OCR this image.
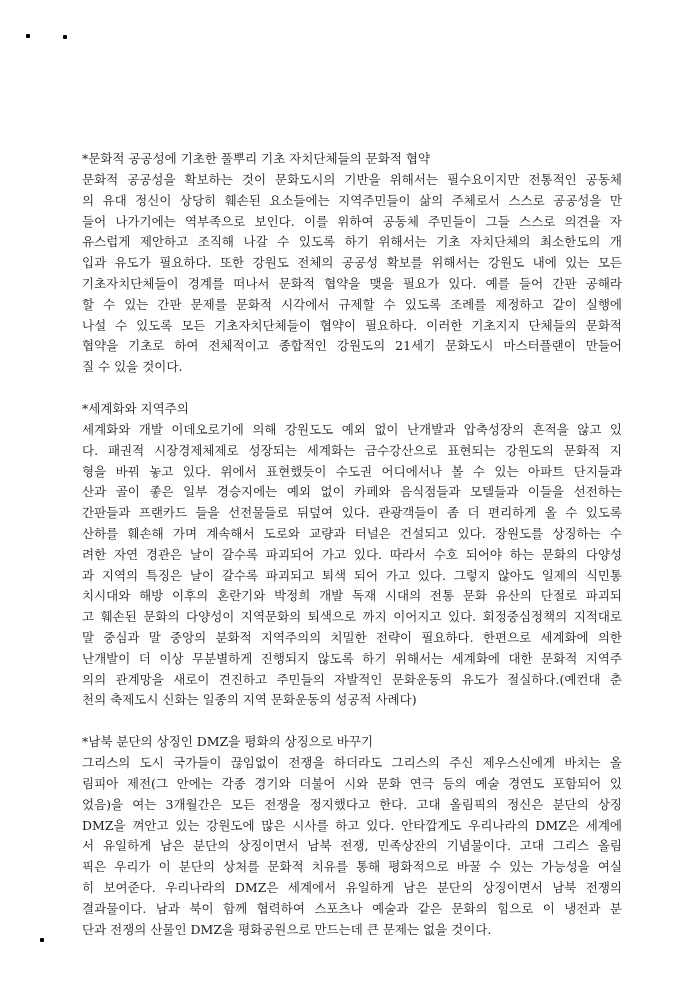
*문화적 공공성에 기초한 풀뿌리 기초 자치단체들의 문화적 협약
문화적 공공성을 확보하는 것이 문화도시의 기반을 위해서는 필수요이지만 전통적인 공동체
의 유대 정신이 상당히 훼손된 요소들에는 지역주민들이 삶의 주체로서 스스로 공공성을 만
들어 나가기에는 역부족으로 보인다. 이를 위하여 공동체 주민들이 그들 스스로 의견을 자
유스럽게 제안하고 조직해 나갈 수 있도록 하기 위해서는 기초 자치단체의 최소한도의 개
입과 유도가 필요하다. 또한 강원도 전체의 공공성 확보를 위해서는 강원도 내에 있는 모든
기초자치단체들이 경계를 떠나서 문화적 협약을 맺을 필요가 있다. 예를 들어 간판 공해라
할 수 있는 간판 문제를 문화적 시각에서 규제할 수 있도록 조례를 제정하고 같이 실행에
나설 수 있도록 모든 기초자치단체들이 협약이 필요하다. 이러한 기초지지 단체들의 문화적
협약을 기초로 하여 전체적이고 종합적인 강원도의 21세기 문화도시 마스터플랜이 만들어
질 수 있을 것이다.
*세계화와 지역주의
세계화와 개발 이데오로기에 의해 강원도도 예외 없이 난개발과 압축성장의 흔적을 않고 있
다. 패권적 시장경제체제로 성장되는 세계화는 금수강산으로 표현되는 강원도의 문화적 지
형을 바꿔 놓고 있다. 위에서 표현했듯이 수도권 어디에서나 볼 수 있는 아파트 단지들과
산과 골이 좋은 일부 경승지에는 예외 없이 카페와 음식점들과 모텔들과 이들을 선전하는
간판들과 프랜카드 들을 선전물들로 뒤덮여 있다. 관광객들이 좀 더 편리하게 올 수 있도록
산하를 훼손해 가며 계속해서 도로와 교량과 터널은 건설되고 있다. 장원도를 상징하는 수
려한 자연 경관은 날이 갈수록 파괴되어 가고 있다. 따라서 수호 되어야 하는 문화의 다양성
과 지역의 특징은 날이 갈수록 파괴되고 퇴색 되어 가고 있다. 그렇지 않아도 일제의 식민통
치시대와 해방 이후의 혼란기와 박정희 개발 독재 시대의 전통 문화 유산의 단절로 파괴되
고 훼손된 문화의 다양성이 지역문화의 퇴색으로 까지 이어지고 있다. 회정중심정책의 지적대로
말 중심과 말 중앙의 분화적 지역주의의 치밀한 전략이 필요하다. 한편으로 세계화에 의한
난개발이 더 이상 무분별하게 진행되지 않도록 하기 위해서는 세계화에 대한 문화적 지역주
의의 관계망을 새로이 견진하고 주민들의 자발적인 문화운동의 유도가 절실하다.(예컨대 춘
천의 축제도시 신화는 일종의 지역 문화운동의 성공적 사례다)
*남북 분단의 상징인 DMZ을 평화의 상징으로 바꾸기
그리스의 도시 국가들이 끊임없이 전쟁을 하더라도 그리스의 주신 제우스신에게 바치는 올
림피아 제전(그 안에는 각종 경기와 더불어 시와 문화 연극 등의 예술 경연도 포함되어 있
었음)을 여는 3개월간은 모든 전쟁을 정지했다고 한다. 고대 올림픽의 정신은 분단의 상징
DMZ을 껴안고 있는 강원도에 많은 시사를 하고 있다. 안타깝게도 우리나라의 DMZ은 세계에
서 유일하게 남은 분단의 상징이면서 남북 전쟁, 민족상잔의 기념물이다. 고대 그리스 올림
픽은 우리가 이 분단의 상처를 문화적 치유를 통해 평화적으로 바꿀 수 있는 가능성을 여실
히 보여준다. 우리나라의 DMZ은 세계에서 유일하게 남은 분단의 상징이면서 남북 전쟁의
결과물이다. 남과 북이 함께 협력하여 스포츠나 예술과 같은 문화의 힘으로 이 냉전과 분
단과 전쟁의 산물인 DMZ을 평화공원으로 만드는데 큰 문제는 없을 것이다.
